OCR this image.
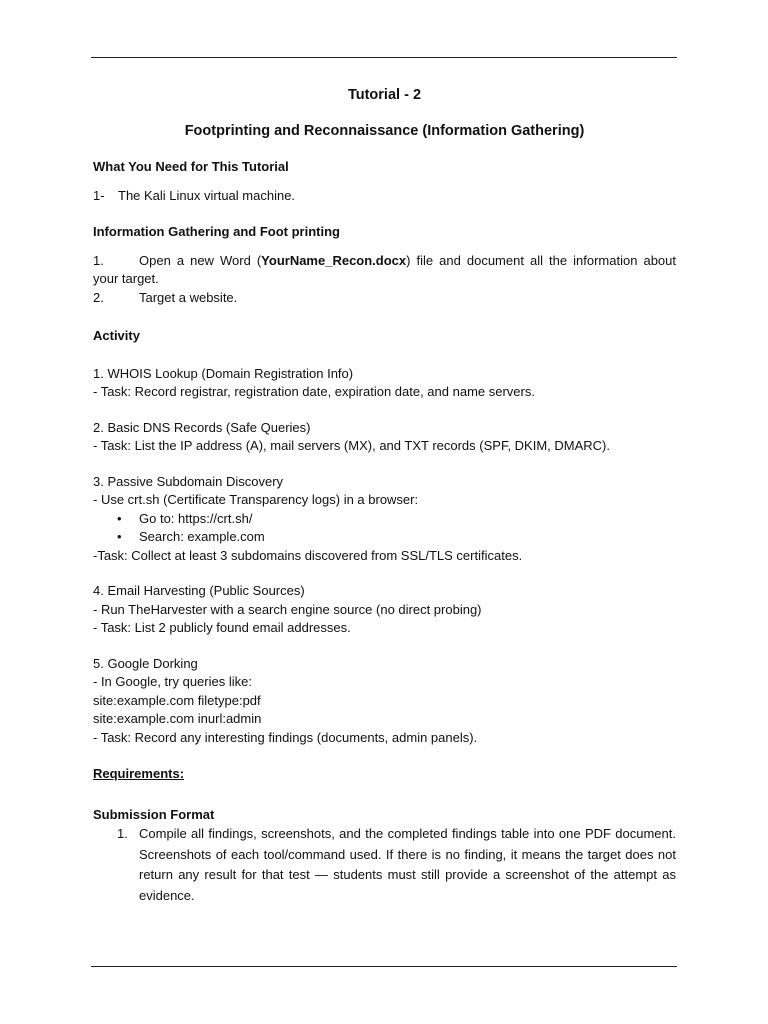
Tutorial - 2

Footprinting and Reconnaissance (Information Gathering)

What You Need for This Tutorial

1-	The Kali Linux virtual machine.

Information Gathering and Foot printing

1.	Open a new Word (YourName_Recon.docx) file and document all the information about your target.
2.	Target a website.

Activity

1. WHOIS Lookup (Domain Registration Info)

- Task: Record registrar, registration date, expiration date, and name servers.

2. Basic DNS Records (Safe Queries)

- Task: List the IP address (A), mail servers (MX), and TXT records (SPF, DKIM, DMARC).

3. Passive Subdomain Discovery

- Use crt.sh (Certificate Transparency logs) in a browser:

• Go to: https://crt.sh/
• Search: example.com

-Task: Collect at least 3 subdomains discovered from SSL/TLS certificates.

4. Email Harvesting (Public Sources)

- Run TheHarvester with a search engine source (no direct probing)

- Task: List 2 publicly found email addresses.

5. Google Dorking

- In Google, try queries like:

site:example.com filetype:pdf

site:example.com inurl:admin

- Task: Record any interesting findings (documents, admin panels).

Requirements:

Submission Format

1. Compile all findings, screenshots, and the completed findings table into one PDF document. Screenshots of each tool/command used. If there is no finding, it means the target does not return any result for that test — students must still provide a screenshot of the attempt as evidence.
